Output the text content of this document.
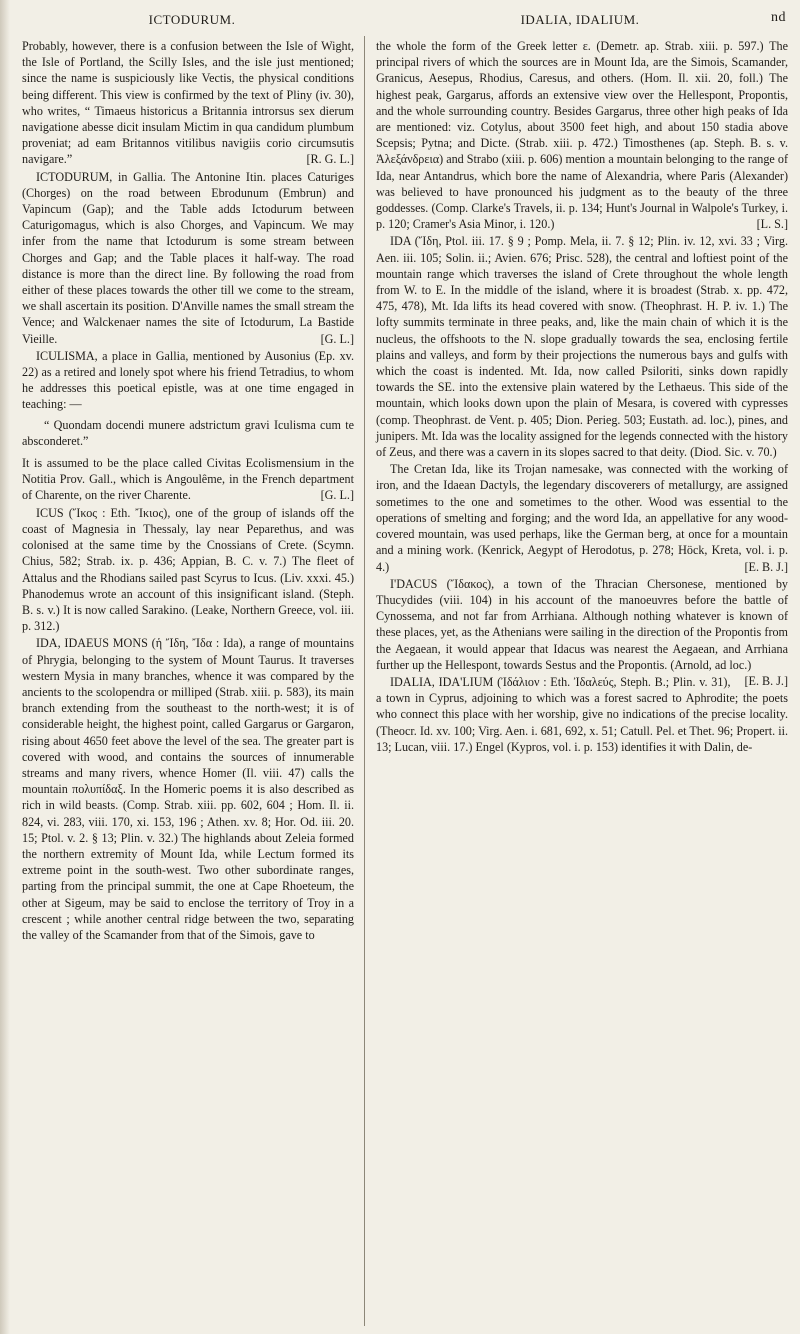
ICTODURUM.	IDALIA, IDALIUM.	nd

Probably, however, there is a confusion between the Isle of Wight, the Isle of Portland, the Scilly Isles, and the isle just mentioned; since the name is suspiciously like Vectis, the physical conditions being different. This view is confirmed by the text of Pliny (iv. 30), who writes, “ Timaeus historicus a Britannia introrsus sex dierum navigatione abesse dicit insulam Mictim in qua candidum plumbum proveniat; ad eam Britannos vitilibus navigiis corio circumsutis navigare.”	[R. G. L.]

ICTODURUM, in Gallia. The Antonine Itin. places Caturiges (Chorges) on the road between Ebrodunum (Embrun) and Vapincum (Gap); and the Table adds Ictodurum between Caturigomagus, which is also Chorges, and Vapincum. We may infer from the name that Ictodurum is some stream between Chorges and Gap; and the Table places it half-way. The road distance is more than the direct line. By following the road from either of these places towards the other till we come to the stream, we shall ascertain its position. D'Anville names the small stream the Vence; and Walckenaer names the site of Ictodurum, La Bastide Vieille.	[G. L.]

ICULISMA, a place in Gallia, mentioned by Ausonius (Ep. xv. 22) as a retired and lonely spot where his friend Tetradius, to whom he addresses this poetical epistle, was at one time engaged in teaching: —

“ Quondam docendi munere adstrictum gravi Iculisma cum te absconderet.”

It is assumed to be the place called Civitas Ecolismensium in the Notitia Prov. Gall., which is Angoulême, in the French department of Charente, on the river Charente.	[G. L.]

ICUS (Ἴκος : Eth. Ἴκιος), one of the group of islands off the coast of Magnesia in Thessaly, lay near Peparethus, and was colonised at the same time by the Cnossians of Crete. (Scymn. Chius, 582; Strab. ix. p. 436; Appian, B. C. v. 7.) The fleet of Attalus and the Rhodians sailed past Scyrus to Icus. (Liv. xxxi. 45.) Phanodemus wrote an account of this insignificant island. (Steph. B. s. v.) It is now called Sarakino. (Leake, Northern Greece, vol. iii. p. 312.)

IDA, IDAEUS MONS (ἡ Ἴδη, Ἴδα : Ida), a range of mountains of Phrygia, belonging to the system of Mount Taurus. It traverses western Mysia in many branches, whence it was compared by the ancients to the scolopendra or milliped (Strab. xiii. p. 583), its main branch extending from the southeast to the north-west; it is of considerable height, the highest point, called Gargarus or Gargaron, rising about 4650 feet above the level of the sea. The greater part is covered with wood, and contains the sources of innumerable streams and many rivers, whence Homer (Il. viii. 47) calls the mountain πολυπίδαξ. In the Homeric poems it is also described as rich in wild beasts. (Comp. Strab. xiii. pp. 602, 604 ; Hom. Il. ii. 824, vi. 283, viii. 170, xi. 153, 196 ; Athen. xv. 8; Hor. Od. iii. 20. 15; Ptol. v. 2. § 13; Plin. v. 32.) The highlands about Zeleia formed the northern extremity of Mount Ida, while Lectum formed its extreme point in the south-west. Two other subordinate ranges, parting from the principal summit, the one at Cape Rhoeteum, the other at Sigeum, may be said to enclose the territory of Troy in a crescent ; while another central ridge between the two, separating the valley of the Scamander from that of the Simois, gave to

the whole the form of the Greek letter ε. (Demetr. ap. Strab. xiii. p. 597.) The principal rivers of which the sources are in Mount Ida, are the Simois, Scamander, Granicus, Aesepus, Rhodius, Caresus, and others. (Hom. Il. xii. 20, foll.) The highest peak, Gargarus, affords an extensive view over the Hellespont, Propontis, and the whole surrounding country. Besides Gargarus, three other high peaks of Ida are mentioned: viz. Cotylus, about 3500 feet high, and about 150 stadia above Scepsis; Pytna; and Dicte. (Strab. xiii. p. 472.) Timosthenes (ap. Steph. B. s. v. Ἀλεξάνδρεια) and Strabo (xiii. p. 606) mention a mountain belonging to the range of Ida, near Antandrus, which bore the name of Alexandria, where Paris (Alexander) was believed to have pronounced his judgment as to the beauty of the three goddesses. (Comp. Clarke's Travels, ii. p. 134; Hunt's Journal in Walpole's Turkey, i. p. 120; Cramer's Asia Minor, i. 120.)	[L. S.]

IDA (Ἴδη, Ptol. iii. 17. § 9 ; Pomp. Mela, ii. 7. § 12; Plin. iv. 12, xvi. 33 ; Virg. Aen. iii. 105; Solin. ii.; Avien. 676; Prisc. 528), the central and loftiest point of the mountain range which traverses the island of Crete throughout the whole length from W. to E. In the middle of the island, where it is broadest (Strab. x. pp. 472, 475, 478), Mt. Ida lifts its head covered with snow. (Theophrast. H. P. iv. 1.) The lofty summits terminate in three peaks, and, like the main chain of which it is the nucleus, the offshoots to the N. slope gradually towards the sea, enclosing fertile plains and valleys, and form by their projections the numerous bays and gulfs with which the coast is indented. Mt. Ida, now called Psiloriti, sinks down rapidly towards the SE. into the extensive plain watered by the Lethaeus. This side of the mountain, which looks down upon the plain of Mesara, is covered with cypresses (comp. Theophrast. de Vent. p. 405; Dion. Perieg. 503; Eustath. ad. loc.), pines, and junipers. Mt. Ida was the locality assigned for the legends connected with the history of Zeus, and there was a cavern in its slopes sacred to that deity. (Diod. Sic. v. 70.)

The Cretan Ida, like its Trojan namesake, was connected with the working of iron, and the Idaean Dactyls, the legendary discoverers of metallurgy, are assigned sometimes to the one and sometimes to the other. Wood was essential to the operations of smelting and forging; and the word Ida, an appellative for any wood-covered mountain, was used perhaps, like the German berg, at once for a mountain and a mining work. (Kenrick, Aegypt of Herodotus, p. 278; Höck, Kreta, vol. i. p. 4.)	[E. B. J.]

I'DACUS (Ἴδακος), a town of the Thracian Chersonese, mentioned by Thucydides (viii. 104) in his account of the manoeuvres before the battle of Cynossema, and not far from Arrhiana. Although nothing whatever is known of these places, yet, as the Athenians were sailing in the direction of the Propontis from the Aegaean, it would appear that Idacus was nearest the Aegaean, and Arrhiana further up the Hellespont, towards Sestus and the Propontis. (Arnold, ad loc.)
[E. B. J.]

IDALIA, IDA'LIUM (Ἰδάλιον : Eth. Ἰδαλεύς, Steph. B.; Plin. v. 31), a town in Cyprus, adjoining to which was a forest sacred to Aphrodite; the poets who connect this place with her worship, give no indications of the precise locality. (Theocr. Id. xv. 100; Virg. Aen. i. 681, 692, x. 51; Catull. Pel. et Thet. 96; Propert. ii. 13; Lucan, viii. 17.) Engel (Kypros, vol. i. p. 153) identifies it with Dalin, de-
